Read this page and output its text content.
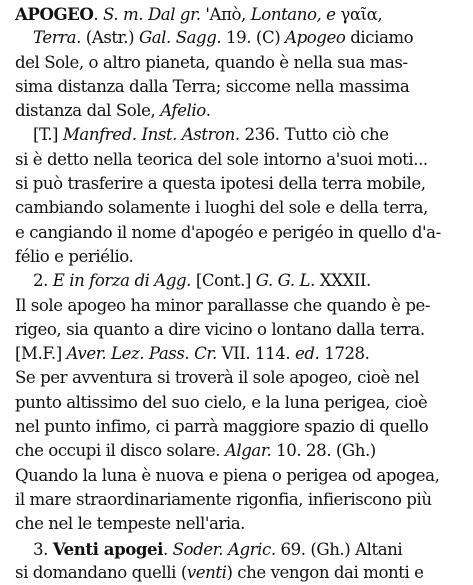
APOGEO. S. m. Dal gr. 'Απὸ, Lontano, e γαῖα,
Terra. (Astr.) Gal. Sagg. 19. (C) Apogeo diciamo
del Sole, o altro pianeta, quando è nella sua mas-
sima distanza dalla Terra; siccome nella massima
distanza dal Sole, Afelio.
[T.] Manfred. Inst. Astron. 236. Tutto ciò che
si è detto nella teorica del sole intorno a'suoi moti...
si può trasferire a questa ipotesi della terra mobile,
cambiando solamente i luoghi del sole e della terra,
e cangiando il nome d'apogéo e perigéo in quello d'a-
félio e periélio.
2. E in forza di Agg. [Cont.] G. G. L. XXXII.
Il sole apogeo ha minor parallasse che quando è pe-
rigeo, sia quanto a dire vicino o lontano dalla terra.
[M.F.] Aver. Lez. Pass. Cr. VII. 114. ed. 1728.
Se per avventura si troverà il sole apogeo, cioè nel
punto altissimo del suo cielo, e la luna perigea, cioè
nel punto infimo, ci parrà maggiore spazio di quello
che occupi il disco solare. Algar. 10. 28. (Gh.)
Quando la luna è nuova e piena o perigea od apogea,
il mare straordinariamente rigonfia, infieriscono più
che nel le tempeste nell'aria.
3. Venti apogei. Soder. Agric. 69. (Gh.) Altani
si domandano quelli (venti) che vengon dai monti e
